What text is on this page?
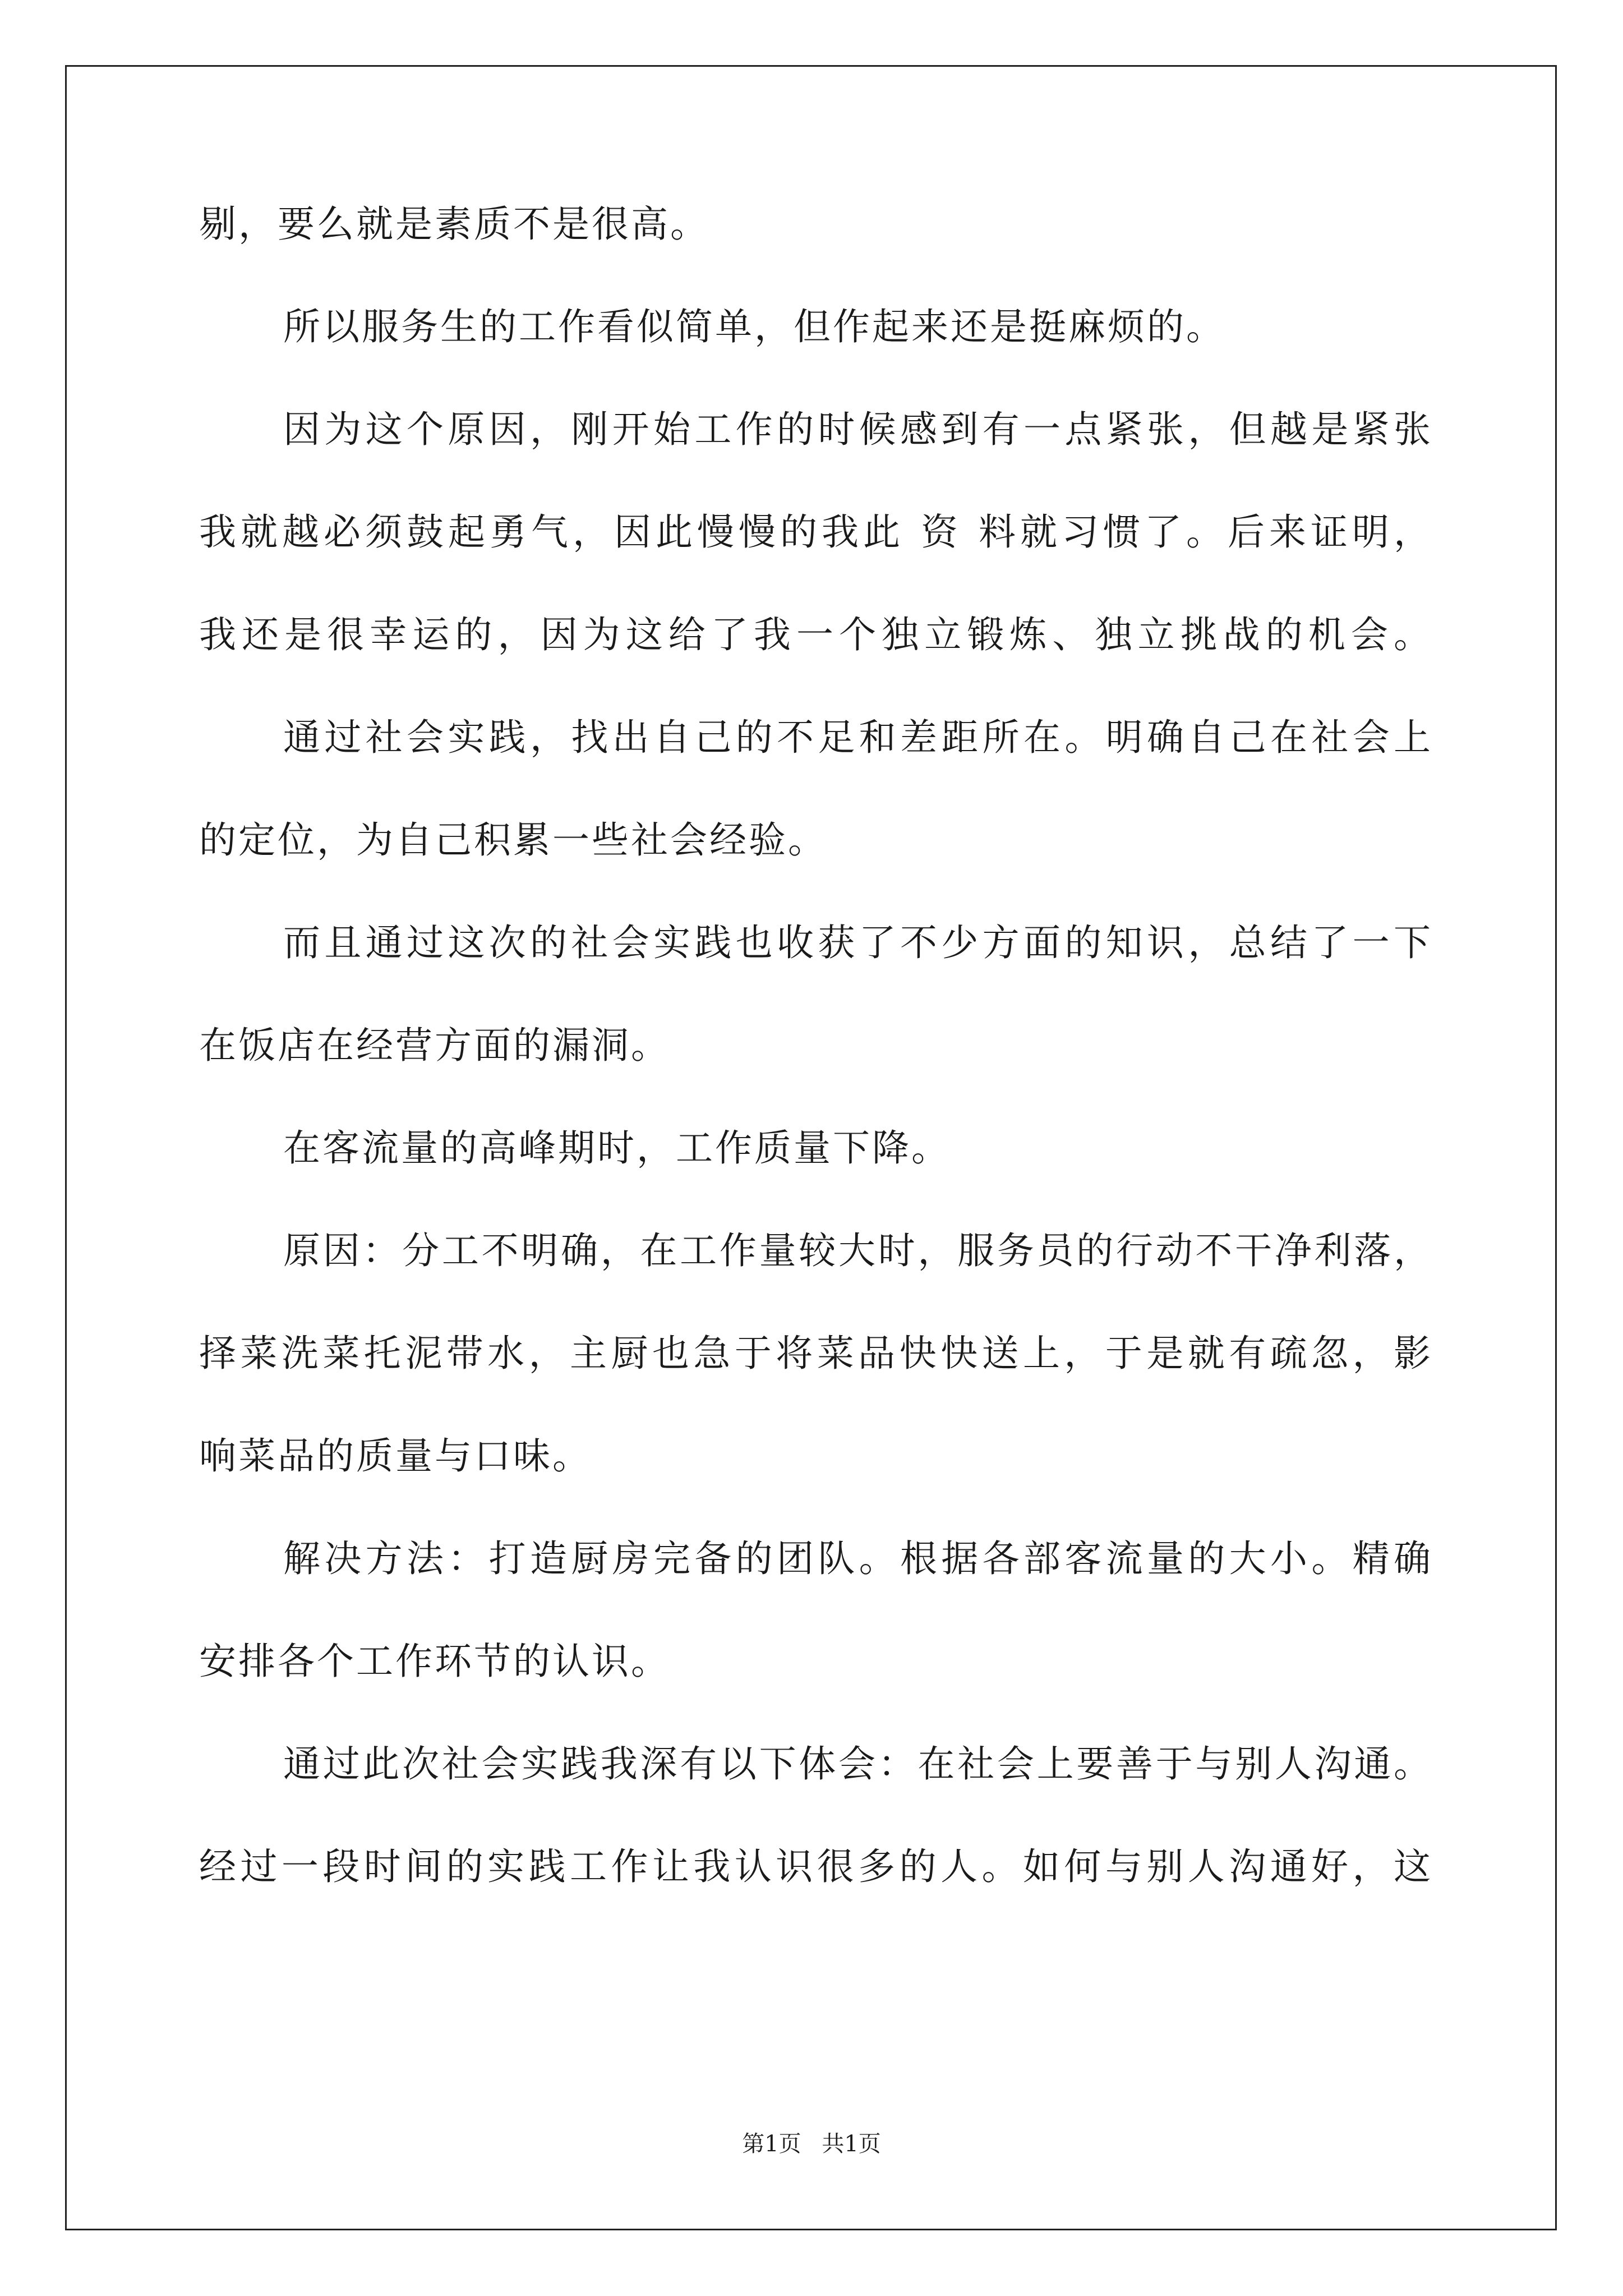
剔，要么就是素质不是很高。
所以服务生的工作看似简单，但作起来还是挺麻烦的。
因为这个原因，刚开始工作的时候感到有一点紧张，但越是紧张
我就越必须鼓起勇气，因此慢慢的我此 资 料就习惯了。后来证明，
我还是很幸运的，因为这给了我一个独立锻炼、独立挑战的机会。
通过社会实践，找出自己的不足和差距所在。明确自己在社会上
的定位，为自己积累一些社会经验。
而且通过这次的社会实践也收获了不少方面的知识，总结了一下
在饭店在经营方面的漏洞。
在客流量的高峰期时，工作质量下降。
原因：分工不明确，在工作量较大时，服务员的行动不干净利落，
择菜洗菜托泥带水，主厨也急于将菜品快快送上，于是就有疏忽，影
响菜品的质量与口味。
解决方法：打造厨房完备的团队。根据各部客流量的大小。精确
安排各个工作环节的认识。
通过此次社会实践我深有以下体会：在社会上要善于与别人沟通。
经过一段时间的实践工作让我认识很多的人。如何与别人沟通好，这
第1页 共1页
